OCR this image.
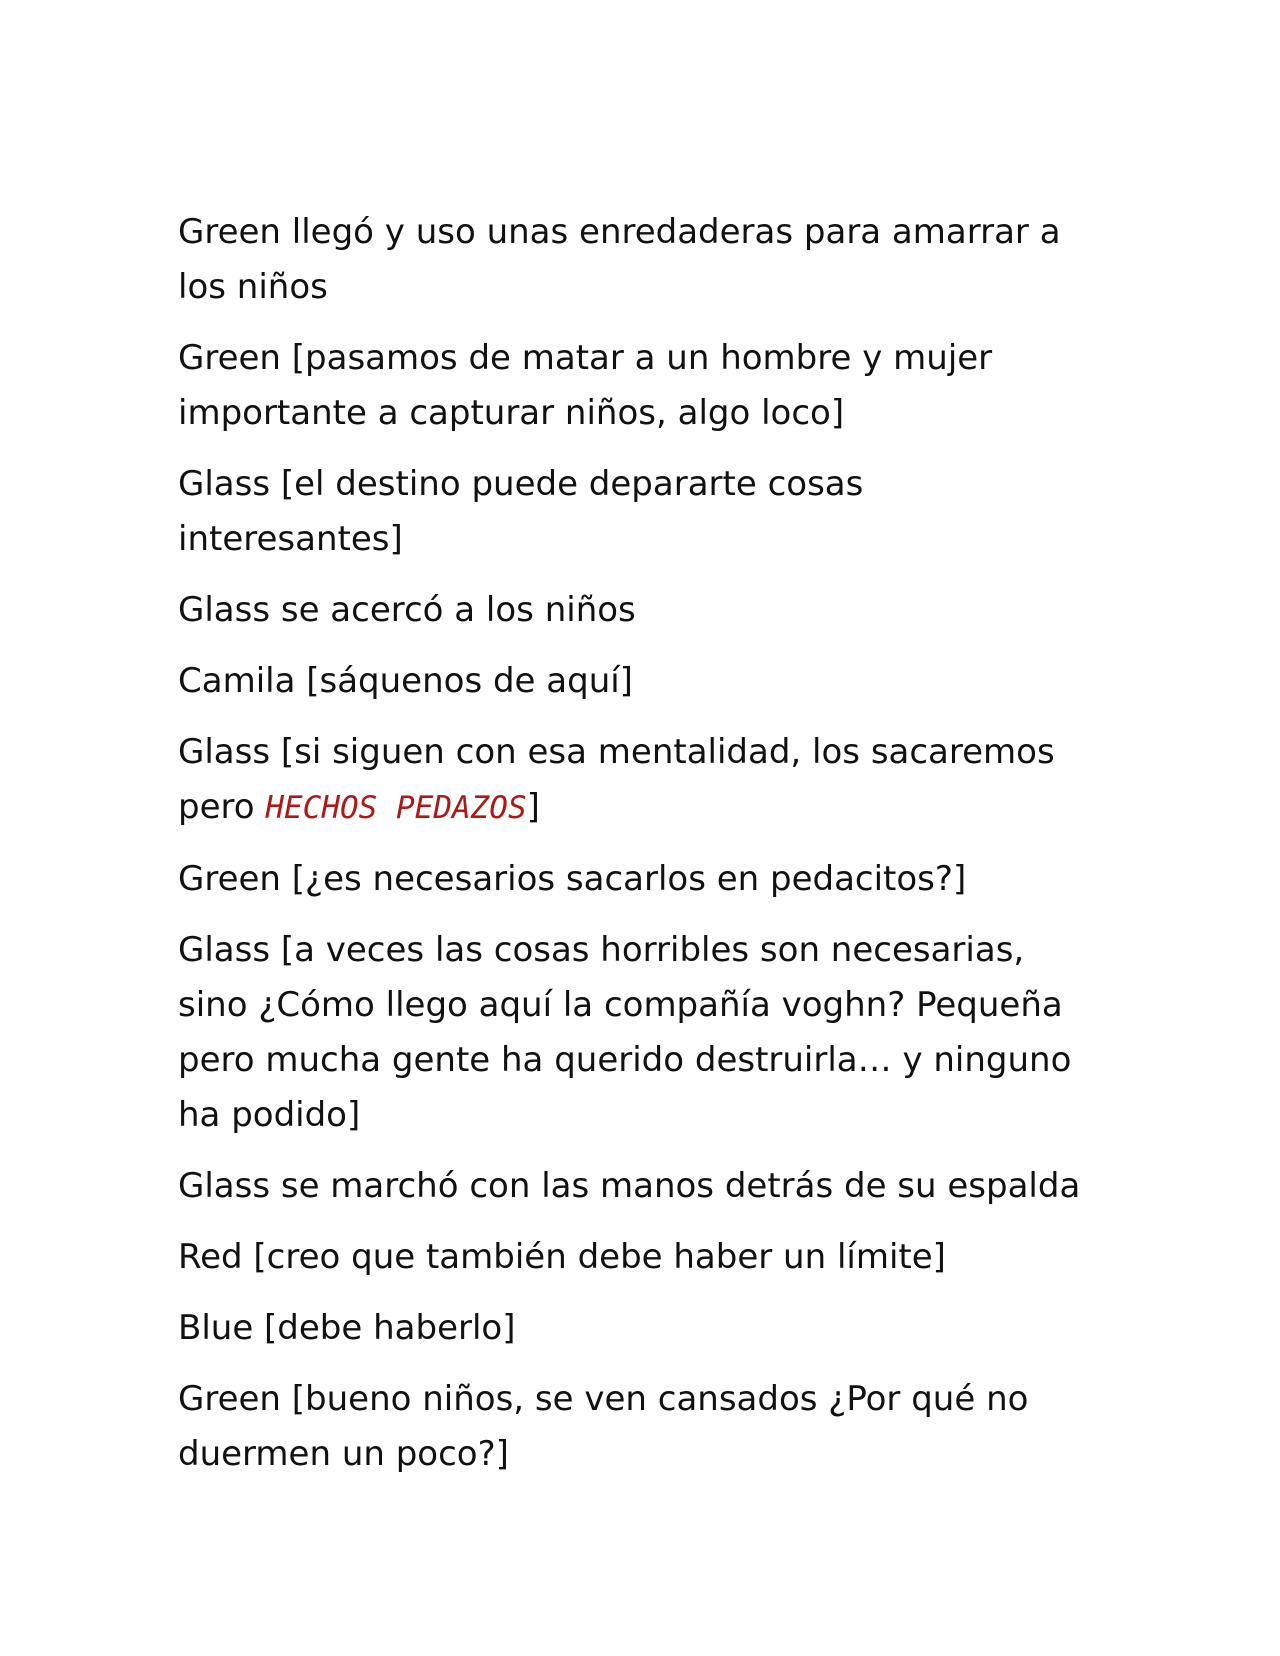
Green llegó y uso unas enredaderas para amarrar a los niños

Green [pasamos de matar a un hombre y mujer importante a capturar niños, algo loco]

Glass [el destino puede depararte cosas interesantes]

Glass se acercó a los niños

Camila [sáquenos de aquí]

Glass [si siguen con esa mentalidad, los sacaremos pero HECHOS PEDAZOS]

Green [¿es necesarios sacarlos en pedacitos?]

Glass [a veces las cosas horribles son necesarias, sino ¿Cómo llego aquí la compañía voghn? Pequeña pero mucha gente ha querido destruirla… y ninguno ha podido]

Glass se marchó con las manos detrás de su espalda

Red [creo que también debe haber un límite]

Blue [debe haberlo]

Green [bueno niños, se ven cansados ¿Por qué no duermen un poco?]
